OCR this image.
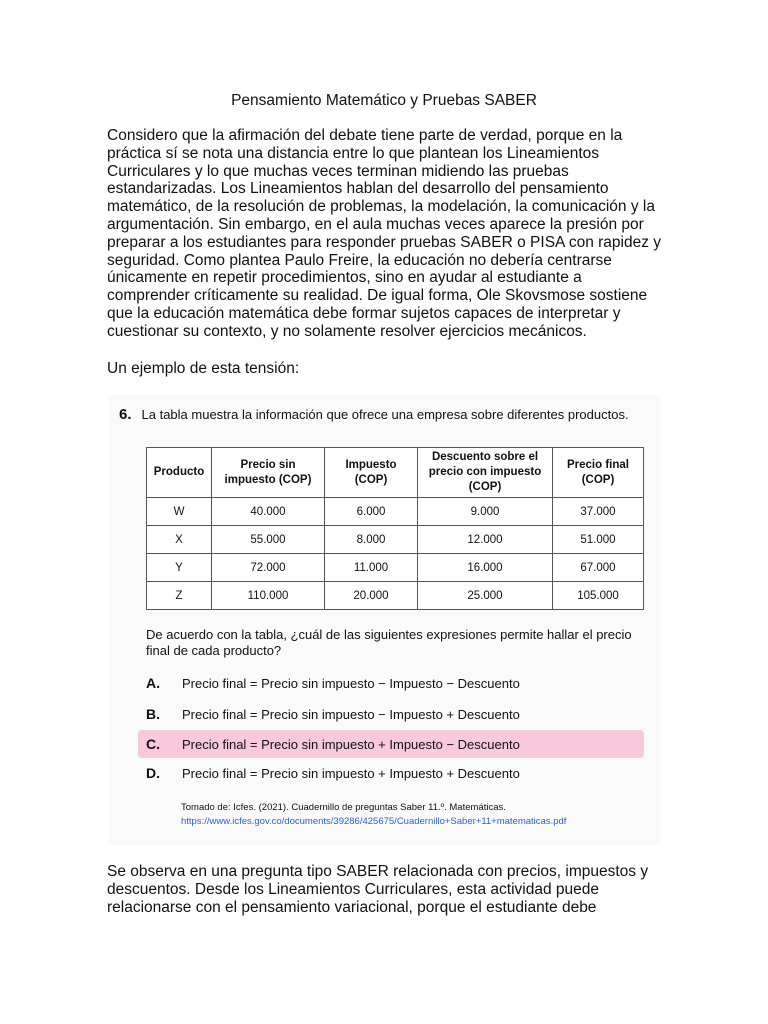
Pensamiento Matemático y Pruebas SABER

Considero que la afirmación del debate tiene parte de verdad, porque en la práctica sí se nota una distancia entre lo que plantean los Lineamientos Curriculares y lo que muchas veces terminan midiendo las pruebas estandarizadas. Los Lineamientos hablan del desarrollo del pensamiento matemático, de la resolución de problemas, la modelación, la comunicación y la argumentación. Sin embargo, en el aula muchas veces aparece la presión por preparar a los estudiantes para responder pruebas SABER o PISA con rapidez y seguridad. Como plantea Paulo Freire, la educación no debería centrarse únicamente en repetir procedimientos, sino en ayudar al estudiante a comprender críticamente su realidad. De igual forma, Ole Skovsmose sostiene que la educación matemática debe formar sujetos capaces de interpretar y cuestionar su contexto, y no solamente resolver ejercicios mecánicos.

Un ejemplo de esta tensión:

6. La tabla muestra la información que ofrece una empresa sobre diferentes productos.
Producto	Precio sin impuesto (COP)	Impuesto (COP)	Descuento sobre el precio con impuesto (COP)	Precio final (COP)
W	40.000	6.000	9.000	37.000
X	55.000	8.000	12.000	51.000
Y	72.000	11.000	16.000	67.000
Z	110.000	20.000	25.000	105.000
De acuerdo con la tabla, ¿cuál de las siguientes expresiones permite hallar el precio final de cada producto?
A.	Precio final = Precio sin impuesto − Impuesto − Descuento
B.	Precio final = Precio sin impuesto − Impuesto + Descuento
C.	Precio final = Precio sin impuesto + Impuesto − Descuento
D.	Precio final = Precio sin impuesto + Impuesto + Descuento
Tomado de: Icfes. (2021). Cuadernillo de preguntas Saber 11.º. Matemáticas.
https://www.icfes.gov.co/documents/39286/425675/Cuadernillo+Saber+11+matematicas.pdf

Se observa en una pregunta tipo SABER relacionada con precios, impuestos y descuentos. Desde los Lineamientos Curriculares, esta actividad puede relacionarse con el pensamiento variacional, porque el estudiante debe
